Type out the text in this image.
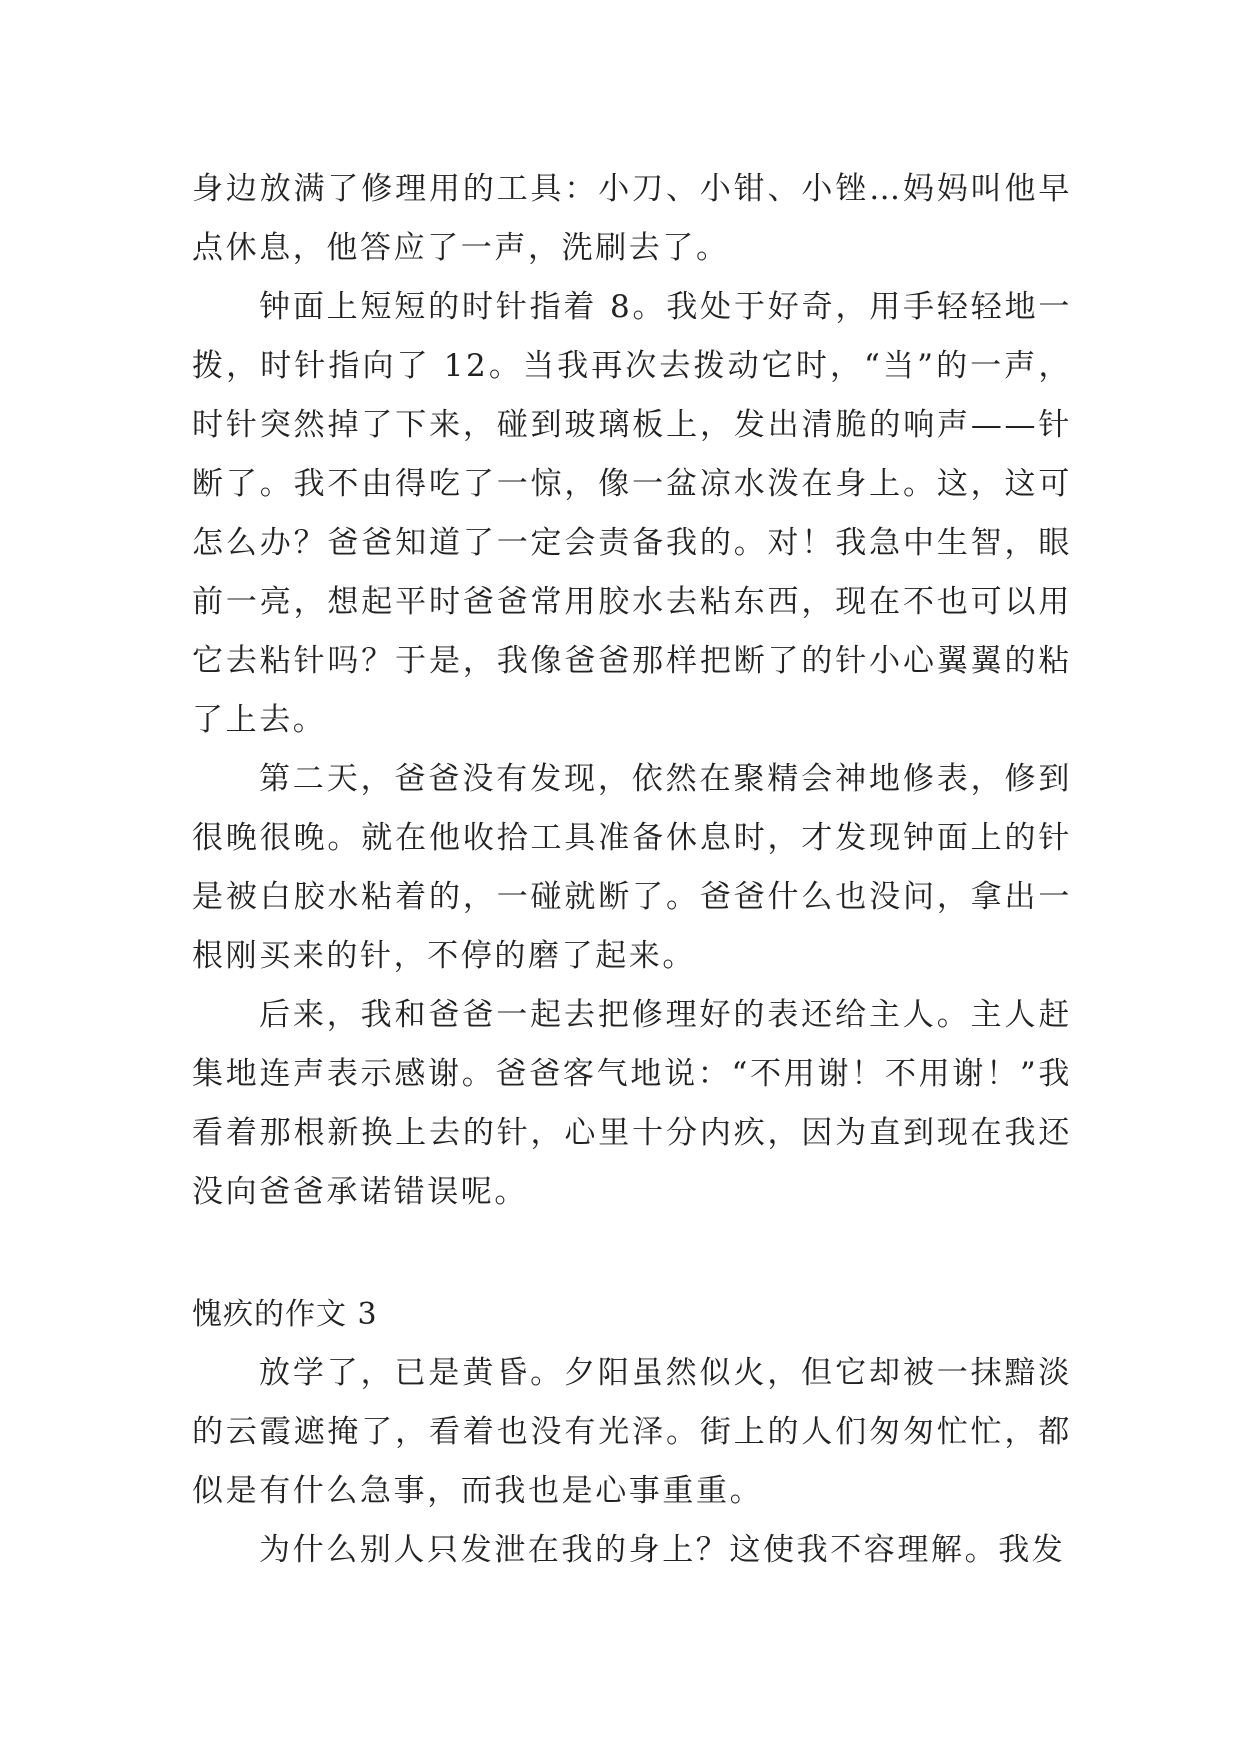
身边放满了修理用的工具：小刀、小钳、小锉…妈妈叫他早点休息，他答应了一声，洗刷去了。

钟面上短短的时针指着 8。我处于好奇，用手轻轻地一拨，时针指向了 12。当我再次去拨动它时，“当”的一声，时针突然掉了下来，碰到玻璃板上，发出清脆的响声——针断了。我不由得吃了一惊，像一盆凉水泼在身上。这，这可怎么办？爸爸知道了一定会责备我的。对！我急中生智，眼前一亮，想起平时爸爸常用胶水去粘东西，现在不也可以用它去粘针吗？于是，我像爸爸那样把断了的针小心翼翼的粘了上去。

第二天，爸爸没有发现，依然在聚精会神地修表，修到很晚很晚。就在他收拾工具准备休息时，才发现钟面上的针是被白胶水粘着的，一碰就断了。爸爸什么也没问，拿出一根刚买来的针，不停的磨了起来。

后来，我和爸爸一起去把修理好的表还给主人。主人赶集地连声表示感谢。爸爸客气地说：“不用谢！不用谢！”我看着那根新换上去的针，心里十分内疚，因为直到现在我还没向爸爸承诺错误呢。

愧疚的作文 3

放学了，已是黄昏。夕阳虽然似火，但它却被一抹黯淡的云霞遮掩了，看着也没有光泽。街上的人们匆匆忙忙，都似是有什么急事，而我也是心事重重。

为什么别人只发泄在我的身上？这使我不容理解。我发
